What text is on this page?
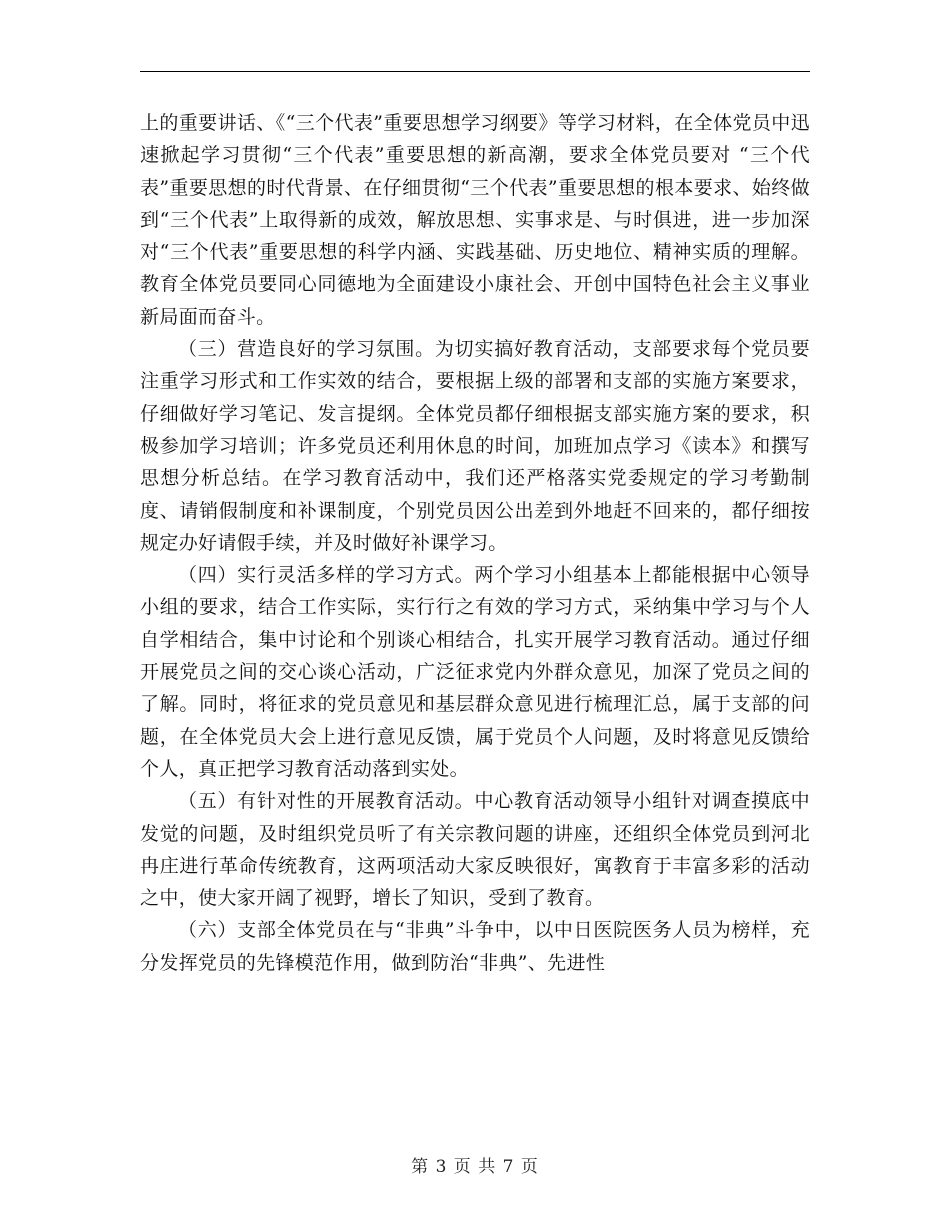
上的重要讲话、《“三个代表”重要思想学习纲要》等学习材料，在全体党员中迅速掀起学习贯彻“三个代表”重要思想的新高潮，要求全体党员要对 “三个代表”重要思想的时代背景、在仔细贯彻“三个代表”重要思想的根本要求、始终做到“三个代表”上取得新的成效，解放思想、实事求是、与时俱进，进一步加深对“三个代表”重要思想的科学内涵、实践基础、历史地位、精神实质的理解。教育全体党员要同心同德地为全面建设小康社会、开创中国特色社会主义事业新局面而奋斗。

（三）营造良好的学习氛围。为切实搞好教育活动，支部要求每个党员要注重学习形式和工作实效的结合，要根据上级的部署和支部的实施方案要求，仔细做好学习笔记、发言提纲。全体党员都仔细根据支部实施方案的要求，积极参加学习培训；许多党员还利用休息的时间，加班加点学习《读本》和撰写思想分析总结。在学习教育活动中，我们还严格落实党委规定的学习考勤制度、请销假制度和补课制度，个别党员因公出差到外地赶不回来的，都仔细按规定办好请假手续，并及时做好补课学习。

（四）实行灵活多样的学习方式。两个学习小组基本上都能根据中心领导小组的要求，结合工作实际，实行行之有效的学习方式，采纳集中学习与个人自学相结合，集中讨论和个别谈心相结合，扎实开展学习教育活动。通过仔细开展党员之间的交心谈心活动，广泛征求党内外群众意见，加深了党员之间的了解。同时，将征求的党员意见和基层群众意见进行梳理汇总，属于支部的问题，在全体党员大会上进行意见反馈，属于党员个人问题，及时将意见反馈给个人，真正把学习教育活动落到实处。

（五）有针对性的开展教育活动。中心教育活动领导小组针对调查摸底中发觉的问题，及时组织党员听了有关宗教问题的讲座，还组织全体党员到河北冉庄进行革命传统教育，这两项活动大家反映很好，寓教育于丰富多彩的活动之中，使大家开阔了视野，增长了知识，受到了教育。

（六）支部全体党员在与“非典”斗争中，以中日医院医务人员为榜样，充分发挥党员的先锋模范作用，做到防治“非典”、先进性

第 3 页 共 7 页
